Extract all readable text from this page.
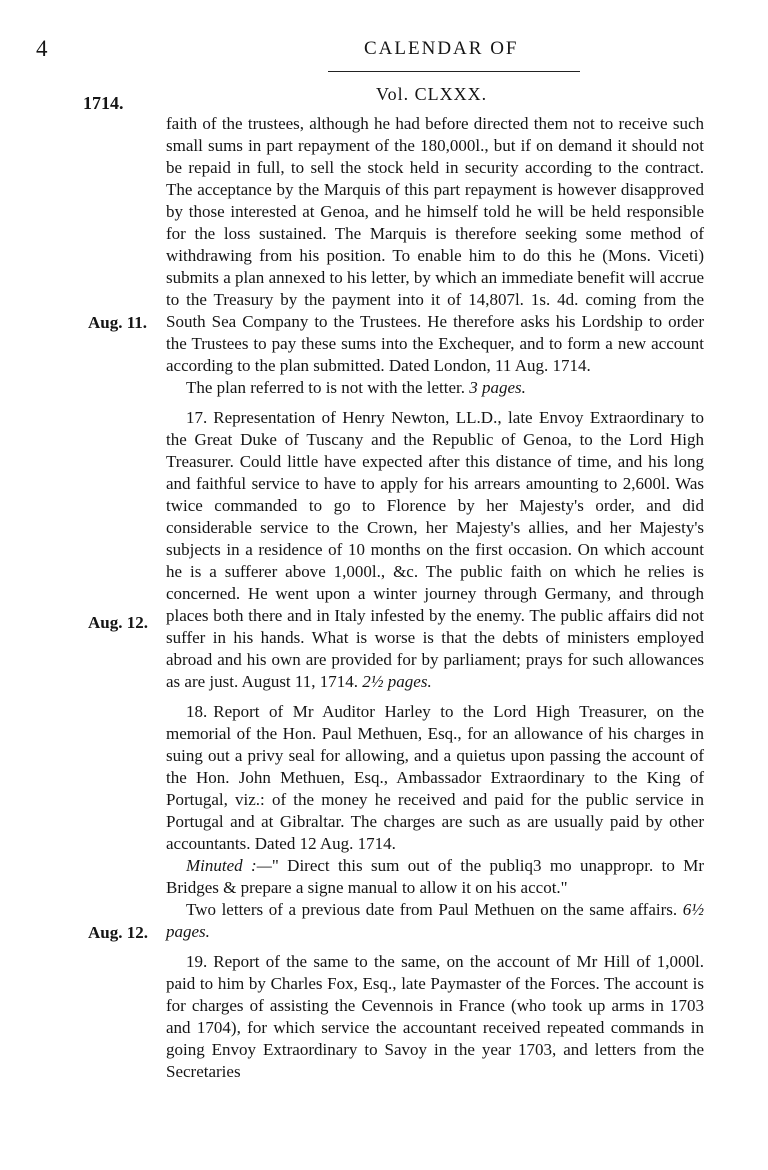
4	CALENDAR OF
1714.	Vol. CLXXX.
Aug. 11.
Aug. 12.
Aug. 12.

faith of the trustees, although he had before directed them not to receive such small sums in part repayment of the 180,000l., but if on demand it should not be repaid in full, to sell the stock held in security according to the contract. The acceptance by the Marquis of this part repayment is however disapproved by those interested at Genoa, and he himself told he will be held responsible for the loss sustained. The Marquis is therefore seeking some method of withdrawing from his position. To enable him to do this he (Mons. Viceti) submits a plan annexed to his letter, by which an immediate benefit will accrue to the Treasury by the payment into it of 14,807l. 1s. 4d. coming from the South Sea Company to the Trustees. He therefore asks his Lordship to order the Trustees to pay these sums into the Exchequer, and to form a new account according to the plan submitted. Dated London, 11 Aug. 1714.

The plan referred to is not with the letter. 3 pages.

17. Representation of Henry Newton, LL.D., late Envoy Extraordinary to the Great Duke of Tuscany and the Republic of Genoa, to the Lord High Treasurer. Could little have expected after this distance of time, and his long and faithful service to have to apply for his arrears amounting to 2,600l. Was twice commanded to go to Florence by her Majesty's order, and did considerable service to the Crown, her Majesty's allies, and her Majesty's subjects in a residence of 10 months on the first occasion. On which account he is a sufferer above 1,000l., &c. The public faith on which he relies is concerned. He went upon a winter journey through Germany, and through places both there and in Italy infested by the enemy. The public affairs did not suffer in his hands. What is worse is that the debts of ministers employed abroad and his own are provided for by parliament; prays for such allowances as are just. August 11, 1714. 2½ pages.

18. Report of Mr Auditor Harley to the Lord High Treasurer, on the memorial of the Hon. Paul Methuen, Esq., for an allowance of his charges in suing out a privy seal for allowing, and a quietus upon passing the account of the Hon. John Methuen, Esq., Ambassador Extraordinary to the King of Portugal, viz.: of the money he received and paid for the public service in Portugal and at Gibraltar. The charges are such as are usually paid by other accountants. Dated 12 Aug. 1714.

Minuted :—" Direct this sum out of the publiq3 mo unappropr. to Mr Bridges & prepare a signe manual to allow it on his accot."

Two letters of a previous date from Paul Methuen on the same affairs. 6½ pages.

19. Report of the same to the same, on the account of Mr Hill of 1,000l. paid to him by Charles Fox, Esq., late Paymaster of the Forces. The account is for charges of assisting the Cevennois in France (who took up arms in 1703 and 1704), for which service the accountant received repeated commands in going Envoy Extraordinary to Savoy in the year 1703, and letters from the Secretaries
